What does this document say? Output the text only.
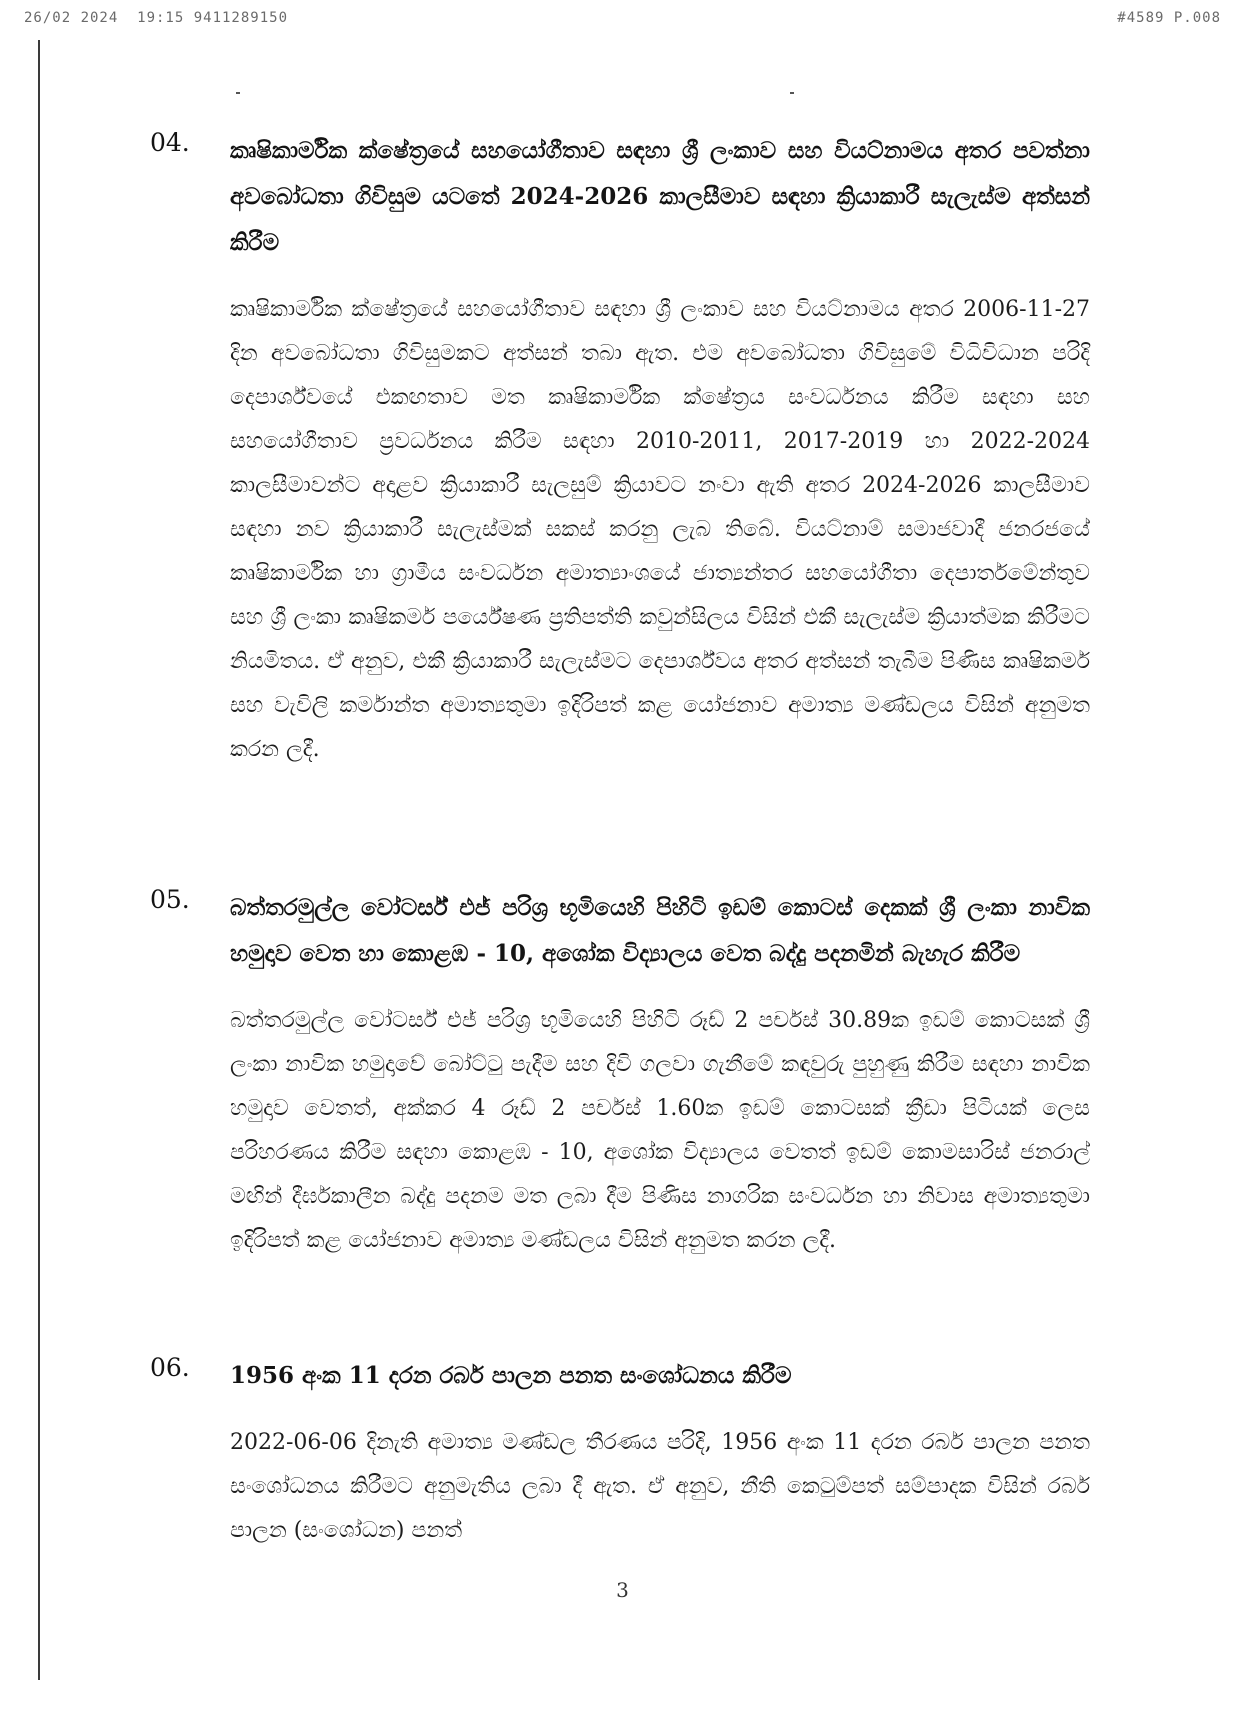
26/02 2024  19:15 9411289150	#4589 P.008
04.	කෘෂිකාර්මික ක්ෂේත්‍රයේ සහයෝගීතාව සඳහා ශ්‍රී ලංකාව සහ වියට්නාමය අතර පවත්නා අවබෝධතා ගිවිසුම යටතේ 2024-2026 කාලසීමාව සඳහා ක්‍රියාකාරී සැලැස්ම අත්සන් කිරීම
කෘෂිකාර්මික ක්ෂේත්‍රයේ සහයෝගීතාව සඳහා ශ්‍රී ලංකාව සහ වියට්නාමය අතර 2006-11-27 දින අවබෝධතා ගිවිසුමකට අත්සන් තබා ඇත. එම අවබෝධතා ගිවිසුමේ විධිවිධාන පරිදි දෙපාර්ශ්වයේ එකඟතාව මත කෘෂිකාර්මික ක්ෂේත්‍රය සංවර්ධනය කිරීම සඳහා සහ සහයෝගීතාව ප්‍රවර්ධනය කිරීම සඳහා 2010-2011, 2017-2019 හා 2022-2024 කාලසීමාවන්ට අදාළව ක්‍රියාකාරී සැලසුම් ක්‍රියාවට නංවා ඇති අතර 2024-2026 කාලසීමාව සඳහා නව ක්‍රියාකාරී සැලැස්මක් සකස් කරනු ලැබ තිබේ. වියට්නාම් සමාජවාදී ජනරජයේ කෘෂිකාර්මික හා ග්‍රාමීය සංවර්ධන අමාත්‍යාංශයේ ජාත්‍යන්තර සහයෝගීතා දෙපාර්තමේන්තුව සහ ශ්‍රී ලංකා කෘෂිකර්ම පර්යේෂණ ප්‍රතිපත්ති කවුන්සිලය විසින් එකී සැලැස්ම ක්‍රියාත්මක කිරීමට නියමිතය. ඒ අනුව, එකී ක්‍රියාකාරී සැලැස්මට දෙපාර්ශ්වය අතර අත්සන් තැබීම පිණිස කෘෂිකර්ම සහ වැවිලි කර්මාන්ත අමාත්‍යතුමා ඉදිරිපත් කළ යෝජනාව අමාත්‍ය මණ්ඩලය විසින් අනුමත කරන ලදී.
05.	බත්තරමුල්ල වෝටර්ස් එජ් පරිශ්‍ර භූමියෙහි පිහිටි ඉඩම් කොටස් දෙකක් ශ්‍රී ලංකා නාවික හමුදාව වෙත හා කොළඹ - 10, අශෝක විද්‍යාලය වෙත බද්දු පදනමින් බැහැර කිරීම
බත්තරමුල්ල වෝටර්ස් එජ් පරිශ්‍ර භූමියෙහි පිහිටි රූඩ් 2 පර්චස් 30.89ක ඉඩම් කොටසක් ශ්‍රී ලංකා නාවික හමුදාවේ බෝට්ටු පැදීම සහ දිවි ගලවා ගැනීමේ කඳවුරු පුහුණු කිරීම සඳහා නාවික හමුදාව වෙතත්, අක්කර 4 රූඩ් 2 පර්චස් 1.60ක ඉඩම් කොටසක් ක්‍රීඩා පිටියක් ලෙස පරිහරණය කිරීම සඳහා කොළඹ - 10, අශෝක විද්‍යාලය වෙතත් ඉඩම් කොමසාරිස් ජනරාල් මඟින් දීර්ඝකාලීන බද්දු පදනම මත ලබා දීම පිණිස නාගරික සංවර්ධන හා නිවාස අමාත්‍යතුමා ඉදිරිපත් කළ යෝජනාව අමාත්‍ය මණ්ඩලය විසින් අනුමත කරන ලදී.
06.	1956 අංක 11 දරන රබර් පාලන පනත සංශෝධනය කිරීම
2022-06-06 දිනැති අමාත්‍ය මණ්ඩල තීරණය පරිදි, 1956 අංක 11 දරන රබර් පාලන පනත සංශෝධනය කිරීමට අනුමැතිය ලබා දී ඇත. ඒ අනුව, නීති කෙටුම්පත් සම්පාදක විසින් රබර් පාලන (සංශෝධන) පනත්
3
